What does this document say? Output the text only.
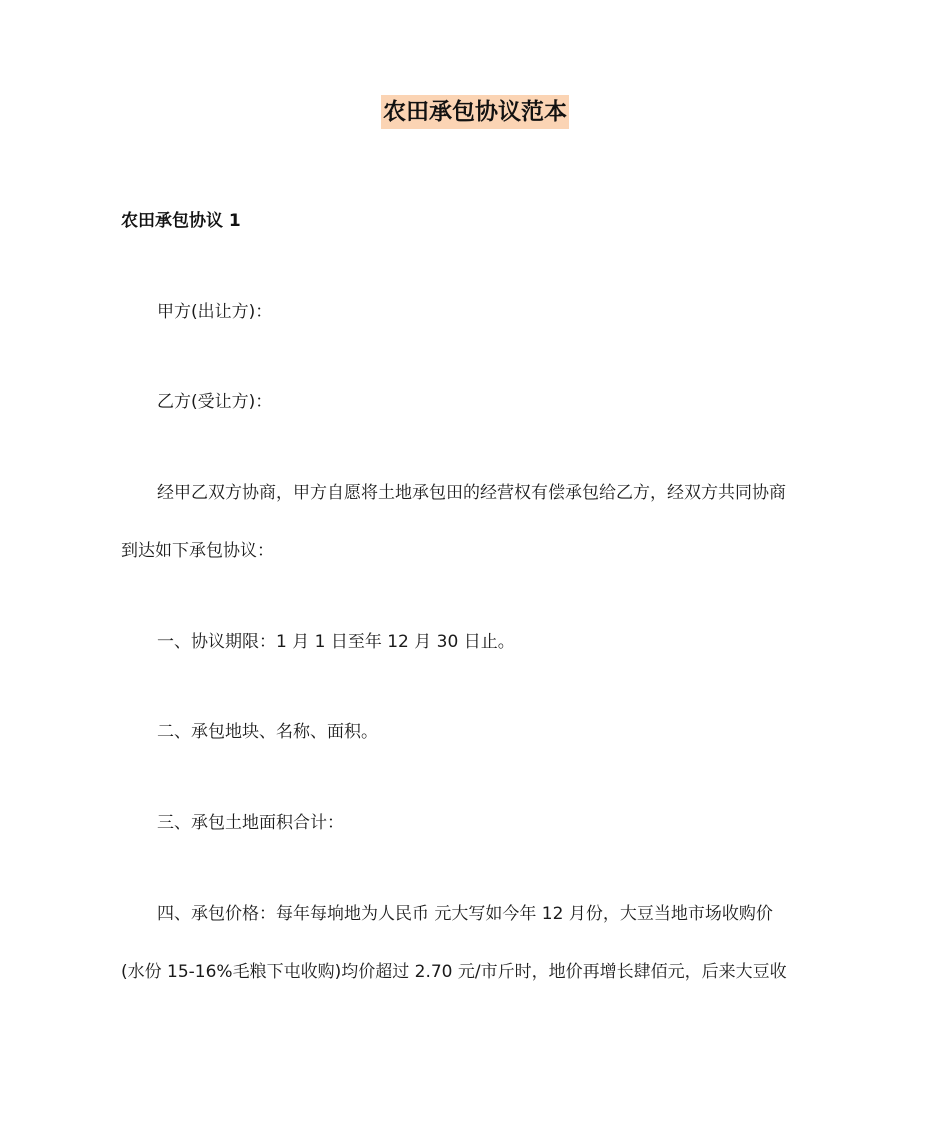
农田承包协议范本
农田承包协议 1
甲方(出让方)：
乙方(受让方)：
经甲乙双方协商，甲方自愿将土地承包田的经营权有偿承包给乙方，经双方共同协商
到达如下承包协议：
一、协议期限：1 月 1 日至年 12 月 30 日止。
二、承包地块、名称、面积。
三、承包土地面积合计：
四、承包价格：每年每垧地为人民币 元大写如今年 12 月份，大豆当地市场收购价
(水份 15-16%毛粮下屯收购)均价超过 2.70 元/市斤时，地价再增长肆佰元，后来大豆收
